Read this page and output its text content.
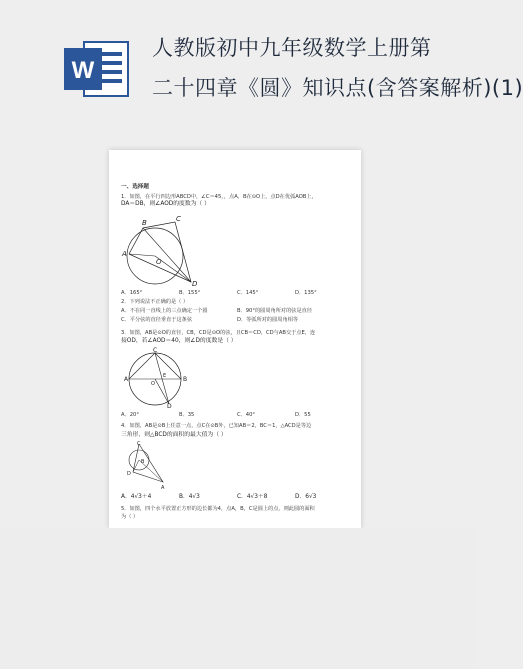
W
人教版初中九年级数学上册第
二十四章《圆》知识点(含答案解析)(1)
一、选择题
1．如图，在平行四边形ABCD中，∠C＝45，，点A，B在⊙O上，点D在优弧AOB上，
DA＝DB，则∠AOD的度数为（ ）
B	C
A
O
D
A．165°	B．155°	C．145°	D．135°
2．下列说法不正确的是（ ）
A．不在同一直线上的三点确定一个圆	B．90°的圆周角所对的弦是直径
C．平分弦的直径垂直于这条弦	D．等弧所对的圆周角相等
3．如图，AB是⊙O的直径，CB，CD是⊙O的弦，且CB＝CD，CD与AB交于点E，连
接OD，若∠AOD＝40，则∠D的度数是（ ）
C
A	E
O
B
D
A．20°	B．35	C．40°	D．55
4．如图，AB是⊙B上任意一点，点C在⊙B外，已知AB＝2，BC＝1，△ACD是等边
三角形，则△BCD的面积的最大值为（ ）
C
B
D
A
A．4√3＋4	B．4√3	C．4√3＋8	D．6√3
5．如图，四个水平放置正方形的边长都为4，点A，B，C是圆上的点，则此圆的面积
为（ ）
